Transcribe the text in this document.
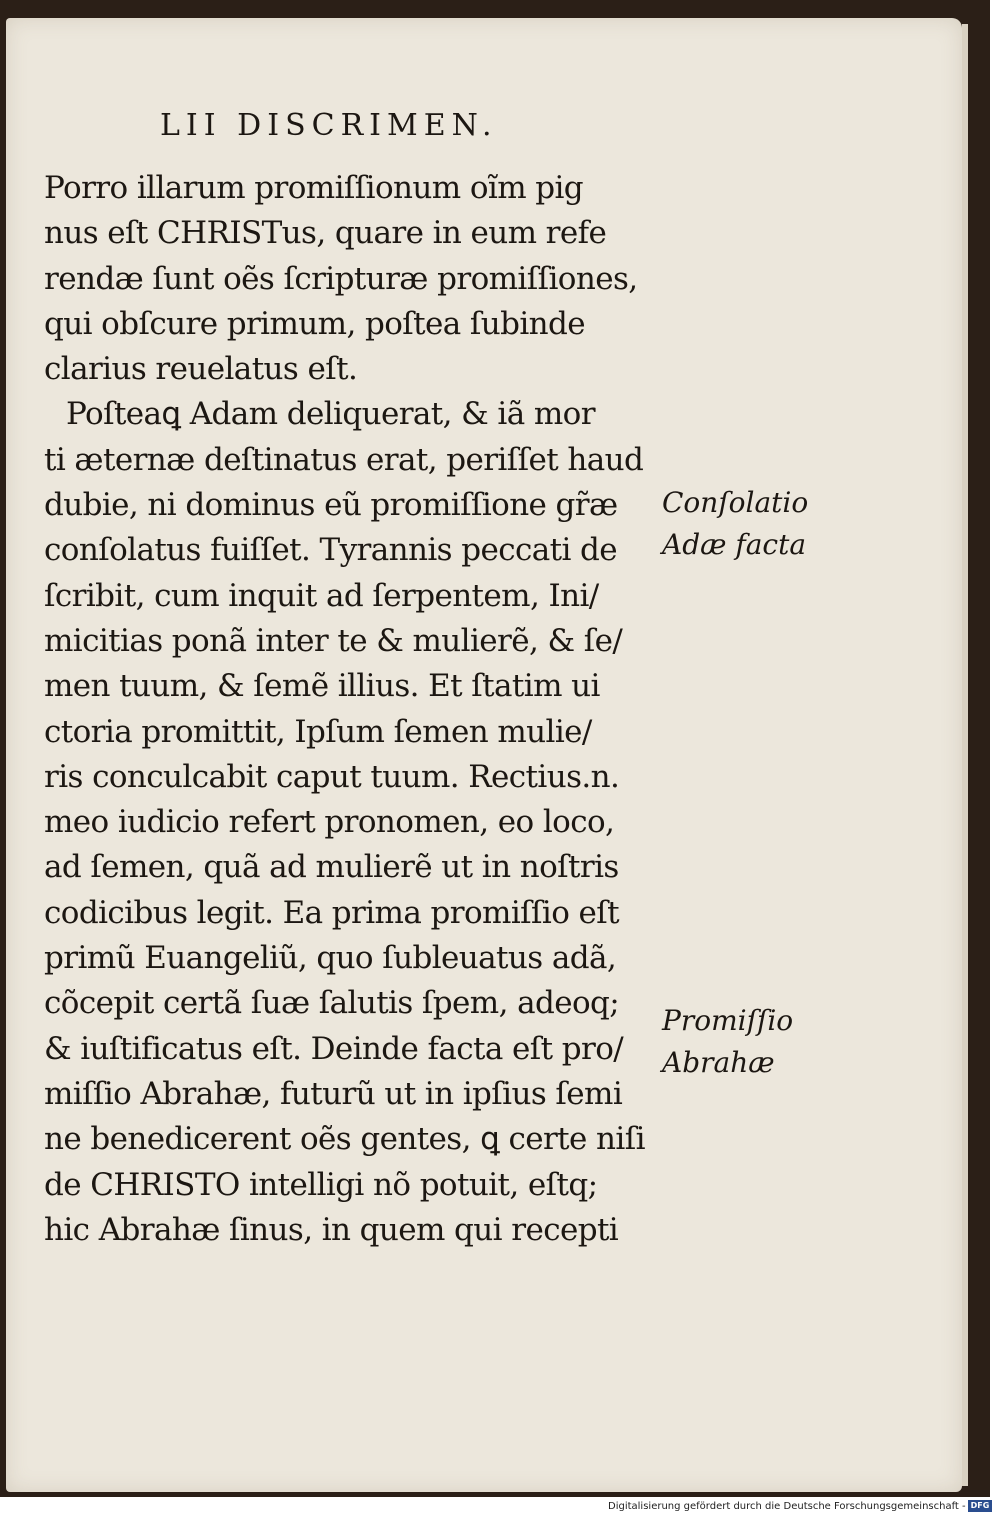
LII DISCRIMEN.
Porro illarum promiſſionum oĩm pig
nus eſt CHRISTus, quare in eum refe
rendæ ſunt oẽs ſcripturæ promiſſiones,
qui obſcure primum, poſtea ſubinde
clarius reuelatus eſt.
Poſteaꝗ Adam deliquerat, & iã mor
ti æternæ deſtinatus erat, periſſet haud
dubie, ni dominus eũ promiſſione gr̃æ
conſolatus fuiſſet. Tyrannis peccati de
ſcribit, cum inquit ad ſerpentem, Ini/
micitias ponã inter te & mulierẽ, & ſe/
men tuum, & ſemẽ illius. Et ſtatim ui
ctoria promittit, Ipſum ſemen mulie/
ris conculcabit caput tuum. Rectius.n.
meo iudicio refert pronomen, eo loco,
ad ſemen, quã ad mulierẽ ut in noſtris
codicibus legit. Ea prima promiſſio eſt
primũ Euangeliũ, quo ſubleuatus adã,
cõcepit certã ſuæ ſalutis ſpem, adeoq;
& iuſtificatus eſt. Deinde facta eſt pro/
miſſio Abrahæ, futurũ ut in ipſius ſemi
ne benedicerent oẽs gentes, ꝗ certe niſi
de CHRISTO intelligi nõ potuit, eſtq;
hic Abrahæ ſinus, in quem qui recepti
Conſolatio
Adæ facta
Promiſſio
Abrahæ
Digitalisierung gefördert durch die Deutsche Forschungsgemeinschaft - DFG
